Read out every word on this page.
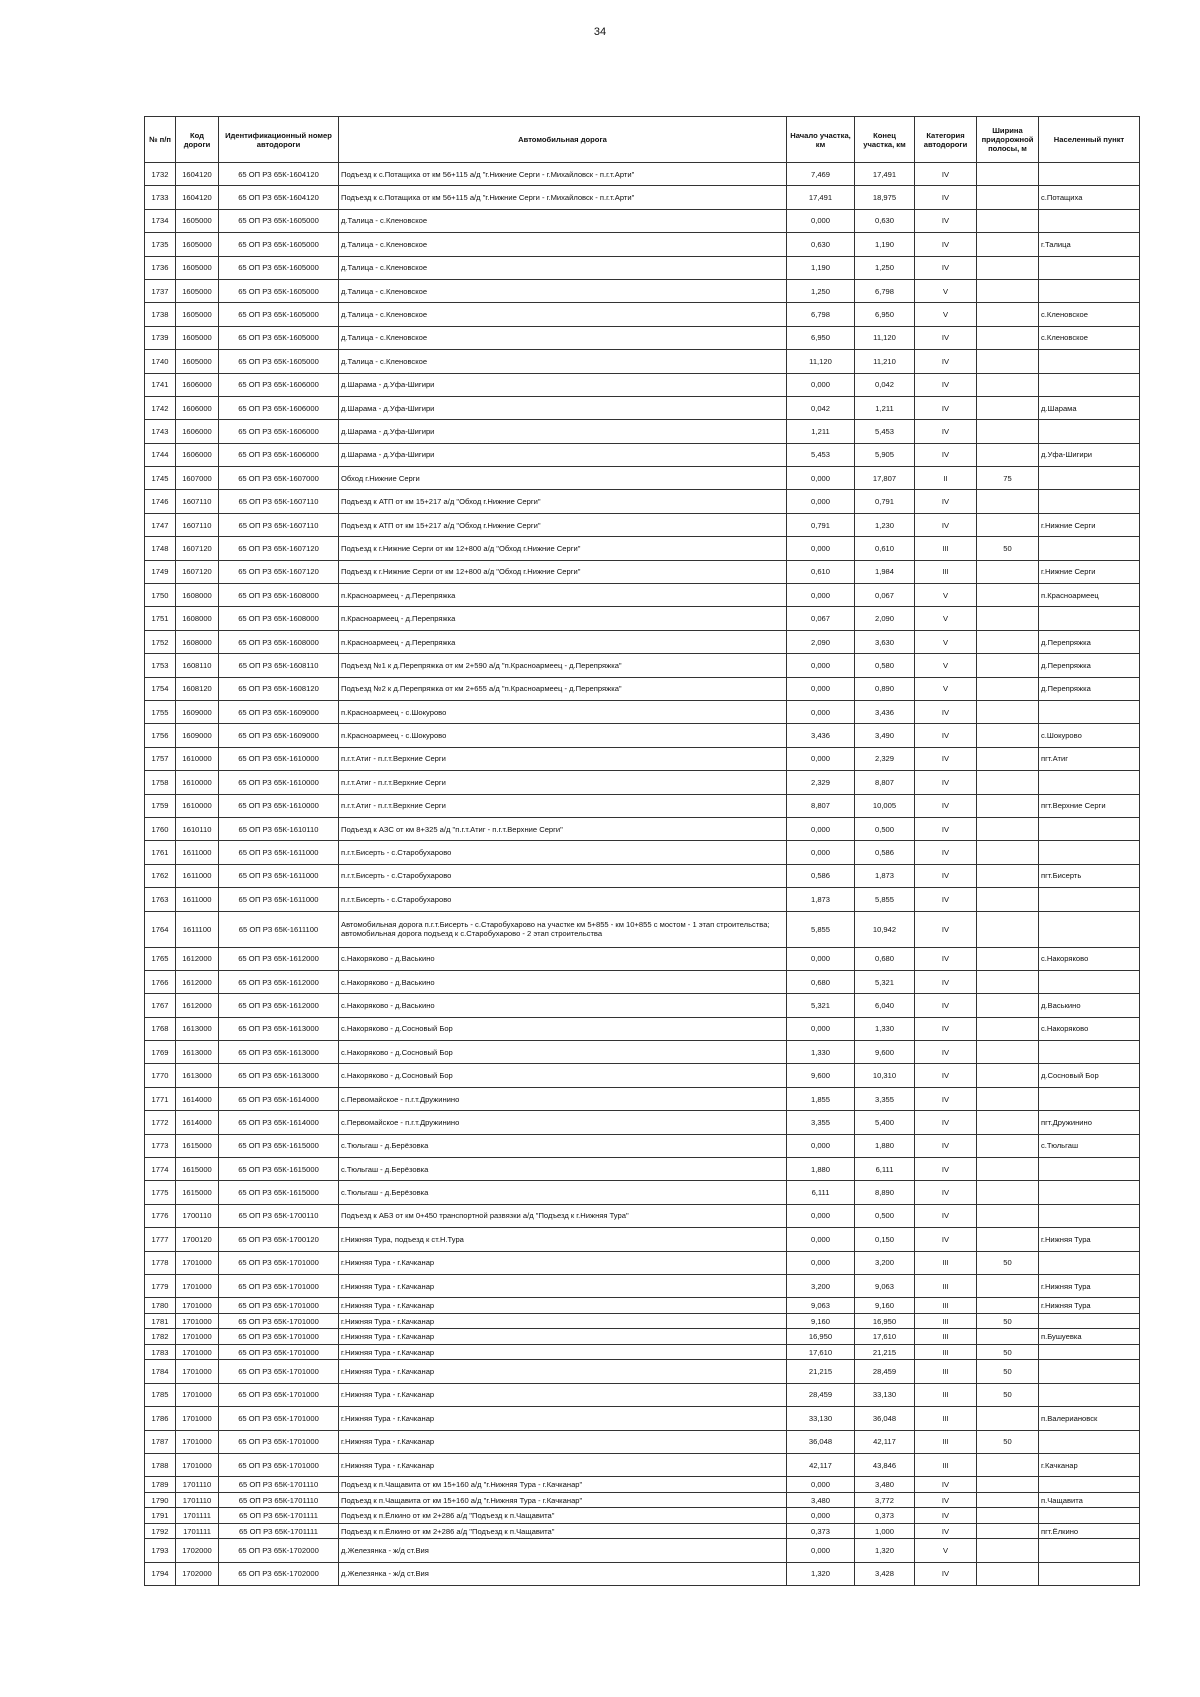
34
№ п/п	Код дороги	Идентификационный номер автодороги	Автомобильная дорога	Начало участка, км	Конец участка, км	Категория автодороги	Ширина придорожной полосы, м	Населенный пункт
1732	1604120	65 ОП РЗ 65К-1604120	Подъезд к с.Потащиха от км 56+115 а/д "г.Нижние Серги - г.Михайловск - п.г.т.Арти"	7,469	17,491	IV		
1733	1604120	65 ОП РЗ 65К-1604120	Подъезд к с.Потащиха от км 56+115 а/д "г.Нижние Серги - г.Михайловск - п.г.т.Арти"	17,491	18,975	IV		с.Потащиха
1734	1605000	65 ОП РЗ 65К-1605000	д.Талица - с.Кленовское	0,000	0,630	IV		
1735	1605000	65 ОП РЗ 65К-1605000	д.Талица - с.Кленовское	0,630	1,190	IV		г.Талица
1736	1605000	65 ОП РЗ 65К-1605000	д.Талица - с.Кленовское	1,190	1,250	IV		
1737	1605000	65 ОП РЗ 65К-1605000	д.Талица - с.Кленовское	1,250	6,798	V		
1738	1605000	65 ОП РЗ 65К-1605000	д.Талица - с.Кленовское	6,798	6,950	V		с.Кленовское
1739	1605000	65 ОП РЗ 65К-1605000	д.Талица - с.Кленовское	6,950	11,120	IV		с.Кленовское
1740	1605000	65 ОП РЗ 65К-1605000	д.Талица - с.Кленовское	11,120	11,210	IV		
1741	1606000	65 ОП РЗ 65К-1606000	д.Шарама - д.Уфа-Шигири	0,000	0,042	IV		
1742	1606000	65 ОП РЗ 65К-1606000	д.Шарама - д.Уфа-Шигири	0,042	1,211	IV		д.Шарама
1743	1606000	65 ОП РЗ 65К-1606000	д.Шарама - д.Уфа-Шигири	1,211	5,453	IV		
1744	1606000	65 ОП РЗ 65К-1606000	д.Шарама - д.Уфа-Шигири	5,453	5,905	IV		д.Уфа-Шигири
1745	1607000	65 ОП РЗ 65К-1607000	Обход г.Нижние Серги	0,000	17,807	II	75	
1746	1607110	65 ОП РЗ 65К-1607110	Подъезд к АТП от км 15+217 а/д "Обход г.Нижние Серги"	0,000	0,791	IV		
1747	1607110	65 ОП РЗ 65К-1607110	Подъезд к АТП от км 15+217 а/д "Обход г.Нижние Серги"	0,791	1,230	IV		г.Нижние Серги
1748	1607120	65 ОП РЗ 65К-1607120	Подъезд к г.Нижние Серги от км 12+800 а/д "Обход г.Нижние Серги"	0,000	0,610	III	50	
1749	1607120	65 ОП РЗ 65К-1607120	Подъезд к г.Нижние Серги от км 12+800 а/д "Обход г.Нижние Серги"	0,610	1,984	III		г.Нижние Серги
1750	1608000	65 ОП РЗ 65К-1608000	п.Красноармеец - д.Перепряжка	0,000	0,067	V		п.Красноармеец
1751	1608000	65 ОП РЗ 65К-1608000	п.Красноармеец - д.Перепряжка	0,067	2,090	V		
1752	1608000	65 ОП РЗ 65К-1608000	п.Красноармеец - д.Перепряжка	2,090	3,630	V		д.Перепряжка
1753	1608110	65 ОП РЗ 65К-1608110	Подъезд №1 к д.Перепряжка от км 2+590 а/д "п.Красноармеец - д.Перепряжка"	0,000	0,580	V		д.Перепряжка
1754	1608120	65 ОП РЗ 65К-1608120	Подъезд №2 к д.Перепряжка от км 2+655 а/д "п.Красноармеец - д.Перепряжка"	0,000	0,890	V		д.Перепряжка
1755	1609000	65 ОП РЗ 65К-1609000	п.Красноармеец - с.Шокурово	0,000	3,436	IV		
1756	1609000	65 ОП РЗ 65К-1609000	п.Красноармеец - с.Шокурово	3,436	3,490	IV		с.Шокурово
1757	1610000	65 ОП РЗ 65К-1610000	п.г.т.Атиг - п.г.т.Верхние Серги	0,000	2,329	IV		пгт.Атиг
1758	1610000	65 ОП РЗ 65К-1610000	п.г.т.Атиг - п.г.т.Верхние Серги	2,329	8,807	IV		
1759	1610000	65 ОП РЗ 65К-1610000	п.г.т.Атиг - п.г.т.Верхние Серги	8,807	10,005	IV		пгт.Верхние Серги
1760	1610110	65 ОП РЗ 65К-1610110	Подъезд к АЗС от км 8+325 а/д "п.г.т.Атиг - п.г.т.Верхние Серги"	0,000	0,500	IV		
1761	1611000	65 ОП РЗ 65К-1611000	п.г.т.Бисерть - с.Старобухарово	0,000	0,586	IV		
1762	1611000	65 ОП РЗ 65К-1611000	п.г.т.Бисерть - с.Старобухарово	0,586	1,873	IV		пгт.Бисерть
1763	1611000	65 ОП РЗ 65К-1611000	п.г.т.Бисерть - с.Старобухарово	1,873	5,855	IV		
1764	1611100	65 ОП РЗ 65К-1611100	Автомобильная дорога п.г.т.Бисерть - с.Старобухарово на участке км 5+855 - км 10+855 с мостом - 1 этап строительства; автомобильная дорога подъезд к с.Старобухарово - 2 этап строительства	5,855	10,942	IV		
1765	1612000	65 ОП РЗ 65К-1612000	с.Накоряково - д.Васькино	0,000	0,680	IV		с.Накоряково
1766	1612000	65 ОП РЗ 65К-1612000	с.Накоряково - д.Васькино	0,680	5,321	IV		
1767	1612000	65 ОП РЗ 65К-1612000	с.Накоряково - д.Васькино	5,321	6,040	IV		д.Васькино
1768	1613000	65 ОП РЗ 65К-1613000	с.Накоряково - д.Сосновый Бор	0,000	1,330	IV		с.Накоряково
1769	1613000	65 ОП РЗ 65К-1613000	с.Накоряково - д.Сосновый Бор	1,330	9,600	IV		
1770	1613000	65 ОП РЗ 65К-1613000	с.Накоряково - д.Сосновый Бор	9,600	10,310	IV		д.Сосновый Бор
1771	1614000	65 ОП РЗ 65К-1614000	с.Первомайское - п.г.т.Дружинино	1,855	3,355	IV		
1772	1614000	65 ОП РЗ 65К-1614000	с.Первомайское - п.г.т.Дружинино	3,355	5,400	IV		пгт.Дружинино
1773	1615000	65 ОП РЗ 65К-1615000	с.Тюльгаш - д.Берёзовка	0,000	1,880	IV		с.Тюльгаш
1774	1615000	65 ОП РЗ 65К-1615000	с.Тюльгаш - д.Берёзовка	1,880	6,111	IV		
1775	1615000	65 ОП РЗ 65К-1615000	с.Тюльгаш - д.Берёзовка	6,111	8,890	IV		
1776	1700110	65 ОП РЗ 65К-1700110	Подъезд к АБЗ от км 0+450 транспортной развязки а/д "Подъезд к г.Нижняя Тура"	0,000	0,500	IV		
1777	1700120	65 ОП РЗ 65К-1700120	г.Нижняя Тура, подъезд к ст.Н.Тура	0,000	0,150	IV		г.Нижняя Тура
1778	1701000	65 ОП РЗ 65К-1701000	г.Нижняя Тура - г.Качканар	0,000	3,200	III	50	
1779	1701000	65 ОП РЗ 65К-1701000	г.Нижняя Тура - г.Качканар	3,200	9,063	III		г.Нижняя Тура
1780	1701000	65 ОП РЗ 65К-1701000	г.Нижняя Тура - г.Качканар	9,063	9,160	III		г.Нижняя Тура
1781	1701000	65 ОП РЗ 65К-1701000	г.Нижняя Тура - г.Качканар	9,160	16,950	III	50	
1782	1701000	65 ОП РЗ 65К-1701000	г.Нижняя Тура - г.Качканар	16,950	17,610	III		п.Бушуевка
1783	1701000	65 ОП РЗ 65К-1701000	г.Нижняя Тура - г.Качканар	17,610	21,215	III	50	
1784	1701000	65 ОП РЗ 65К-1701000	г.Нижняя Тура - г.Качканар	21,215	28,459	III	50	
1785	1701000	65 ОП РЗ 65К-1701000	г.Нижняя Тура - г.Качканар	28,459	33,130	III	50	
1786	1701000	65 ОП РЗ 65К-1701000	г.Нижняя Тура - г.Качканар	33,130	36,048	III		п.Валериановск
1787	1701000	65 ОП РЗ 65К-1701000	г.Нижняя Тура - г.Качканар	36,048	42,117	III	50	
1788	1701000	65 ОП РЗ 65К-1701000	г.Нижняя Тура - г.Качканар	42,117	43,846	III		г.Качканар
1789	1701110	65 ОП РЗ 65К-1701110	Подъезд к п.Чащавита от км 15+160 а/д "г.Нижняя Тура - г.Качканар"	0,000	3,480	IV		
1790	1701110	65 ОП РЗ 65К-1701110	Подъезд к п.Чащавита от км 15+160 а/д "г.Нижняя Тура - г.Качканар"	3,480	3,772	IV		п.Чащавита
1791	1701111	65 ОП РЗ 65К-1701111	Подъезд к п.Ёлкино от км 2+286 а/д "Подъезд к п.Чащавита"	0,000	0,373	IV		
1792	1701111	65 ОП РЗ 65К-1701111	Подъезд к п.Ёлкино от км 2+286 а/д "Подъезд к п.Чащавита"	0,373	1,000	IV		пгт.Ёлкино
1793	1702000	65 ОП РЗ 65К-1702000	д.Железянка - ж/д ст.Вия	0,000	1,320	V		
1794	1702000	65 ОП РЗ 65К-1702000	д.Железянка - ж/д ст.Вия	1,320	3,428	IV		
